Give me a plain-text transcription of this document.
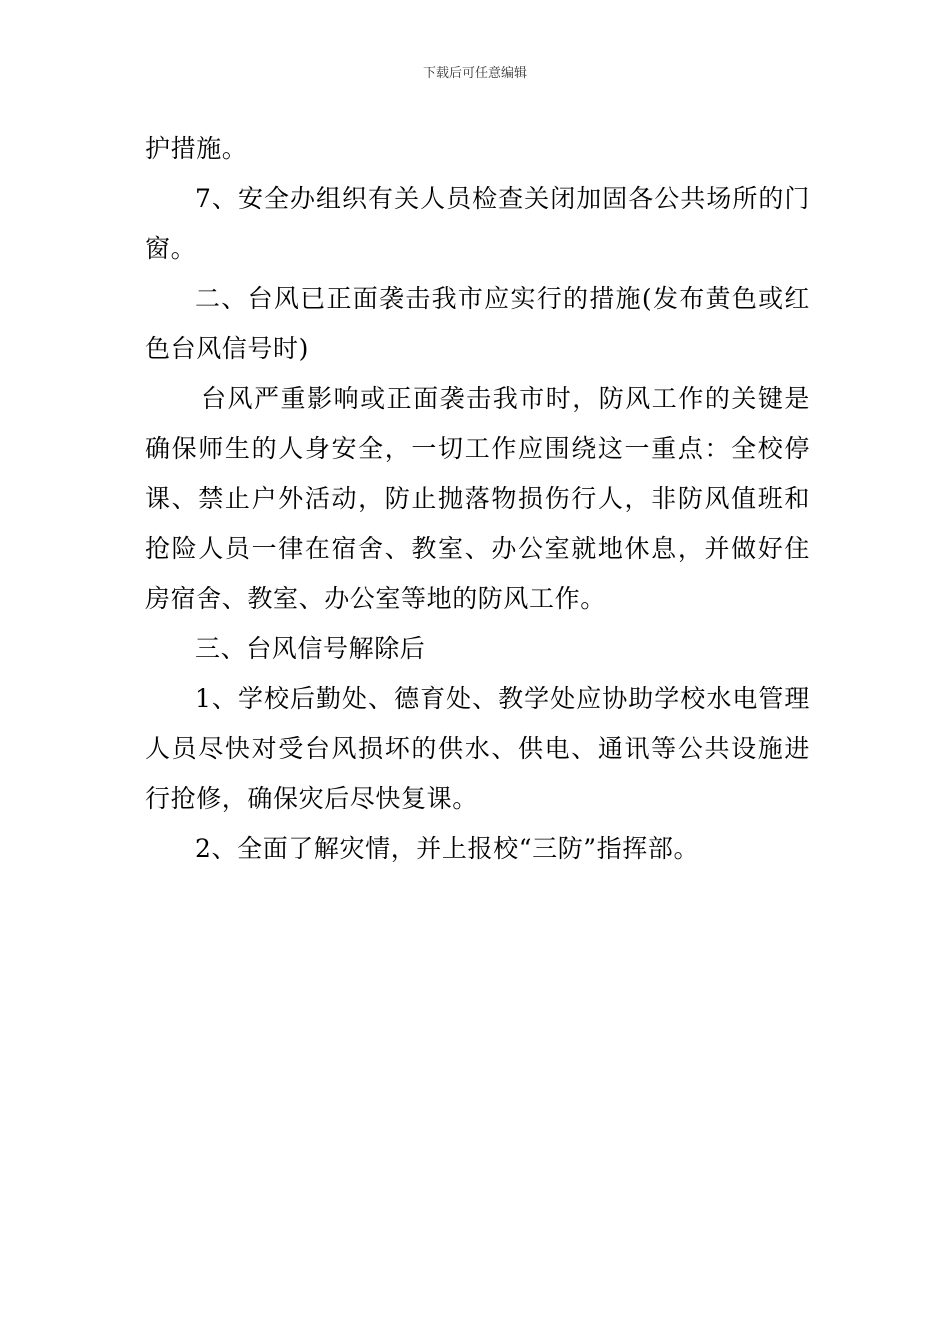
下载后可任意编辑

护措施。

7、安全办组织有关人员检查关闭加固各公共场所的门窗。

二、台风已正面袭击我市应实行的措施(发布黄色或红色台风信号时)

台风严重影响或正面袭击我市时，防风工作的关键是确保师生的人身安全，一切工作应围绕这一重点：全校停课、禁止户外活动，防止抛落物损伤行人，非防风值班和抢险人员一律在宿舍、教室、办公室就地休息，并做好住房宿舍、教室、办公室等地的防风工作。

三、台风信号解除后

1、学校后勤处、德育处、教学处应协助学校水电管理人员尽快对受台风损坏的供水、供电、通讯等公共设施进行抢修，确保灾后尽快复课。

2、全面了解灾情，并上报校“三防”指挥部。
